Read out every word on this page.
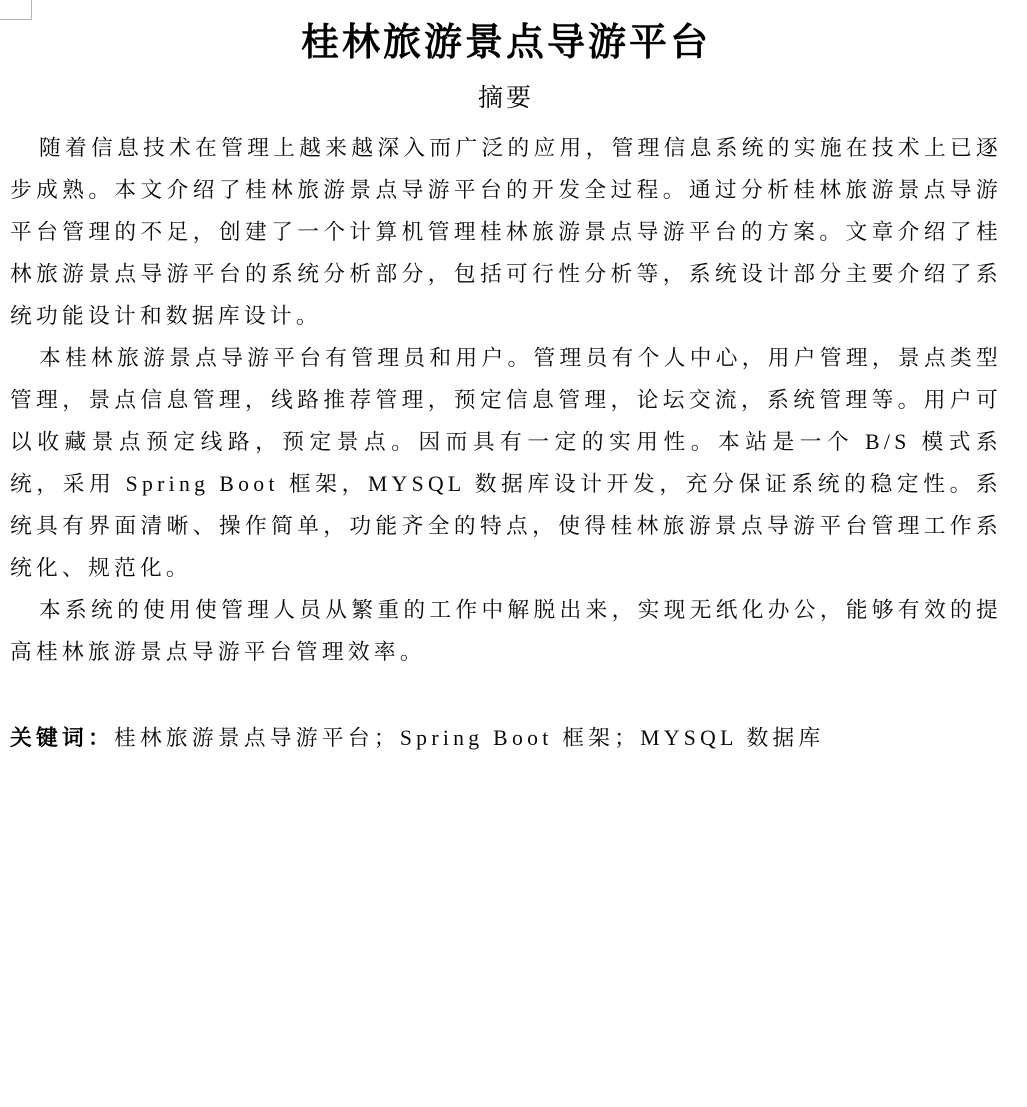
桂林旅游景点导游平台
摘要

随着信息技术在管理上越来越深入而广泛的应用，管理信息系统的实施在技术上已逐步成熟。本文介绍了桂林旅游景点导游平台的开发全过程。通过分析桂林旅游景点导游平台管理的不足，创建了一个计算机管理桂林旅游景点导游平台的方案。文章介绍了桂林旅游景点导游平台的系统分析部分，包括可行性分析等，系统设计部分主要介绍了系统功能设计和数据库设计。

本桂林旅游景点导游平台有管理员和用户。管理员有个人中心，用户管理，景点类型管理，景点信息管理，线路推荐管理，预定信息管理，论坛交流，系统管理等。用户可以收藏景点预定线路，预定景点。因而具有一定的实用性。本站是一个 B/S 模式系统，采用 Spring Boot 框架，MYSQL 数据库设计开发，充分保证系统的稳定性。系统具有界面清晰、操作简单，功能齐全的特点，使得桂林旅游景点导游平台管理工作系统化、规范化。

本系统的使用使管理人员从繁重的工作中解脱出来，实现无纸化办公，能够有效的提高桂林旅游景点导游平台管理效率。

关键词：桂林旅游景点导游平台；Spring Boot 框架；MYSQL 数据库
